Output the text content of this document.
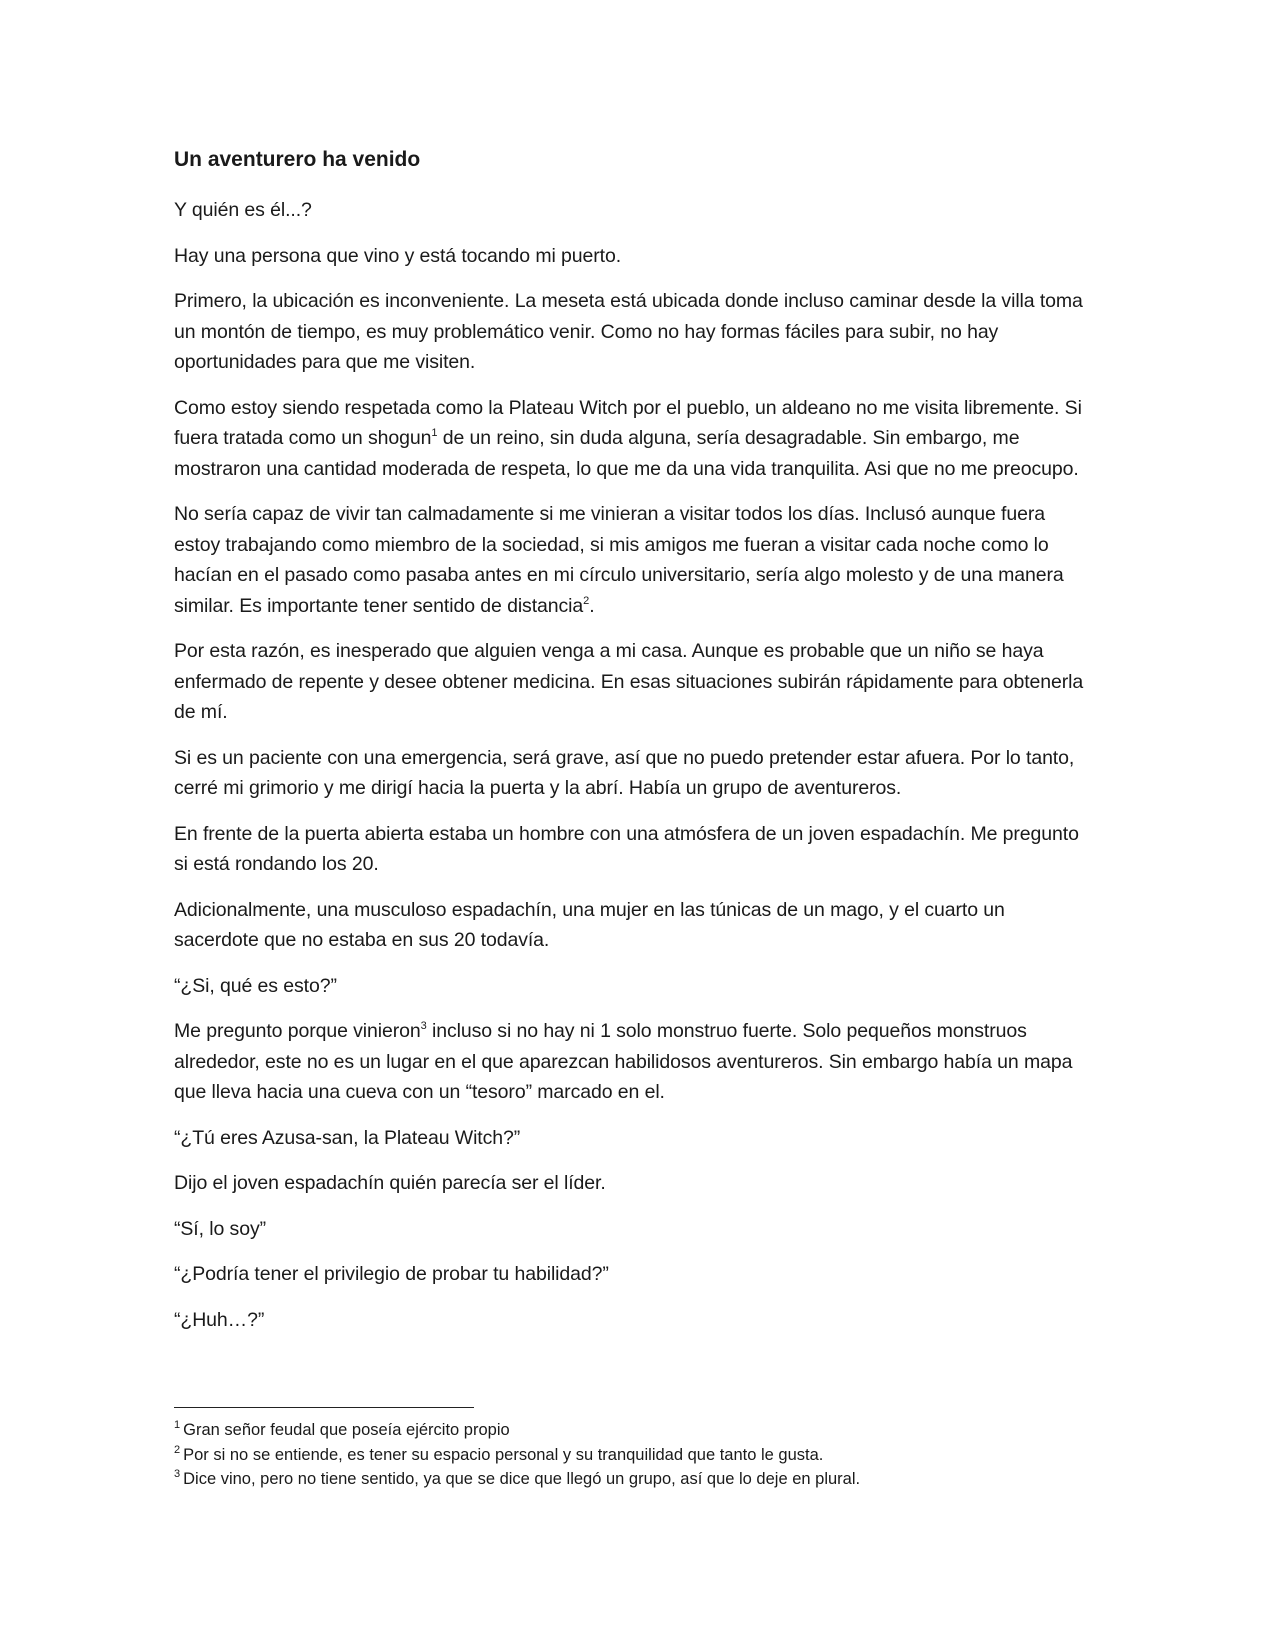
Un aventurero ha venido

Y quién es él...?

Hay una persona que vino y está tocando mi puerto.

Primero, la ubicación es inconveniente. La meseta está ubicada donde incluso caminar desde la villa toma un montón de tiempo, es muy problemático venir. Como no hay formas fáciles para subir, no hay oportunidades para que me visiten.

Como estoy siendo respetada como la Plateau Witch por el pueblo, un aldeano no me visita libremente. Si fuera tratada como un shogun$^1$ de un reino, sin duda alguna, sería desagradable. Sin embargo, me mostraron una cantidad moderada de respeta, lo que me da una vida tranquilita. Asi que no me preocupo.

No sería capaz de vivir tan calmadamente si me vinieran a visitar todos los días. Inclusó aunque fuera estoy trabajando como miembro de la sociedad, si mis amigos me fueran a visitar cada noche como lo hacían en el pasado como pasaba antes en mi círculo universitario, sería algo molesto y de una manera similar. Es importante tener sentido de distancia$^2$.

Por esta razón, es inesperado que alguien venga a mi casa. Aunque es probable que un niño se haya enfermado de repente y desee obtener medicina. En esas situaciones subirán rápidamente para obtenerla de mí.

Si es un paciente con una emergencia, será grave, así que no puedo pretender estar afuera. Por lo tanto, cerré mi grimorio y me dirigí hacia la puerta y la abrí. Había un grupo de aventureros.

En frente de la puerta abierta estaba un hombre con una atmósfera de un joven espadachín. Me pregunto si está rondando los 20.

Adicionalmente, una musculoso espadachín, una mujer en las túnicas de un mago, y el cuarto un sacerdote que no estaba en sus 20 todavía.

“¿Si, qué es esto?”

Me pregunto porque vinieron$^3$ incluso si no hay ni 1 solo monstruo fuerte. Solo pequeños monstruos alrededor, este no es un lugar en el que aparezcan habilidosos aventureros. Sin embargo había un mapa que lleva hacia una cueva con un “tesoro” marcado en el.

“¿Tú eres Azusa-san, la Plateau Witch?”

Dijo el joven espadachín quién parecía ser el líder.

“Sí, lo soy”

“¿Podría tener el privilegio de probar tu habilidad?”

“¿Huh…?”

$^1$ Gran señor feudal que poseía ejército propio

$^2$ Por si no se entiende, es tener su espacio personal y su tranquilidad que tanto le gusta.

$^3$ Dice vino, pero no tiene sentido, ya que se dice que llegó un grupo, así que lo deje en plural.
